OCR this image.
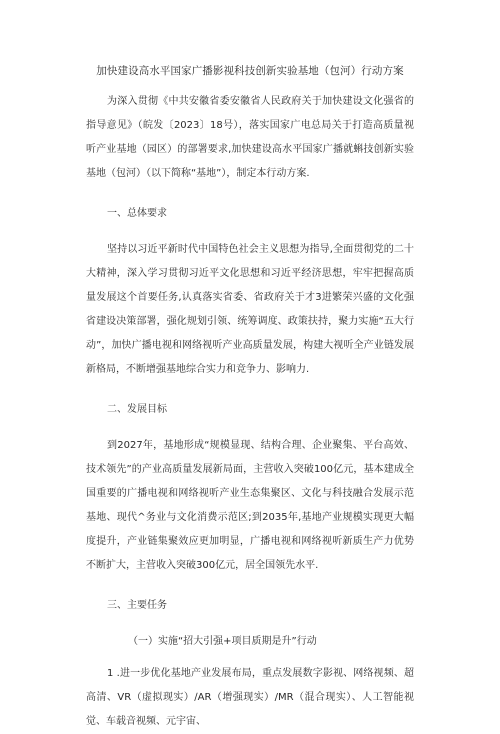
加快建设高水平国家广播影视科技创新实验基地（包河）行动方案

为深入贯彻《中共安徽省委安徽省人民政府关于加快建设文化强省的指导意见》（皖发〔2023〕18号），落实国家广电总局关于打造高质量视听产业基地（园区）的部署要求,加快建设高水平国家广播就蝌技创新实验基地（包河）（以下简称“基地”），制定本行动方案.

一、总体要求

坚持以习近平新时代中国特色社会主义思想为指导,全面贯彻党的二十大精神，深入学习贯彻习近平文化思想和习近平经济思想，牢牢把握高质量发展这个首要任务,认真落实省委、省政府关于才3进繁荣兴盛的文化强省建设决策部署，强化规划引领、统筹调度、政策扶持，聚力实施“五大行动”，加快广播电视和网络视听产业高质量发展，构建大视听全产业链发展新格局，不断增强基地综合实力和竞争力、影响力.

二、发展目标

到2027年，基地形成“规模显现、结构合理、企业聚集、平台高效、技术领先”的产业高质量发展新局面，主营收入突破100亿元，基本建成全国重要的广播电视和网络视听产业生态集聚区、文化与科技融合发展示范基地、现代^务业与文化消费示范区;到2035年,基地产业规模实现更大幅度提升，产业链集聚效应更加明显，广播电视和网络视听新质生产力优势不断扩大，主营收入突破300亿元，居全国领先水平.

三、主要任务
（一）实施“招大引强+项目质期是升”行动

1 .进一步优化基地产业发展布局，重点发展数字影视、网络视频、超高清、VR（虚拟现实）∕AR（增强现实）/MR（混合现实）、人工智能视觉、车载音视频、元宇宙、
